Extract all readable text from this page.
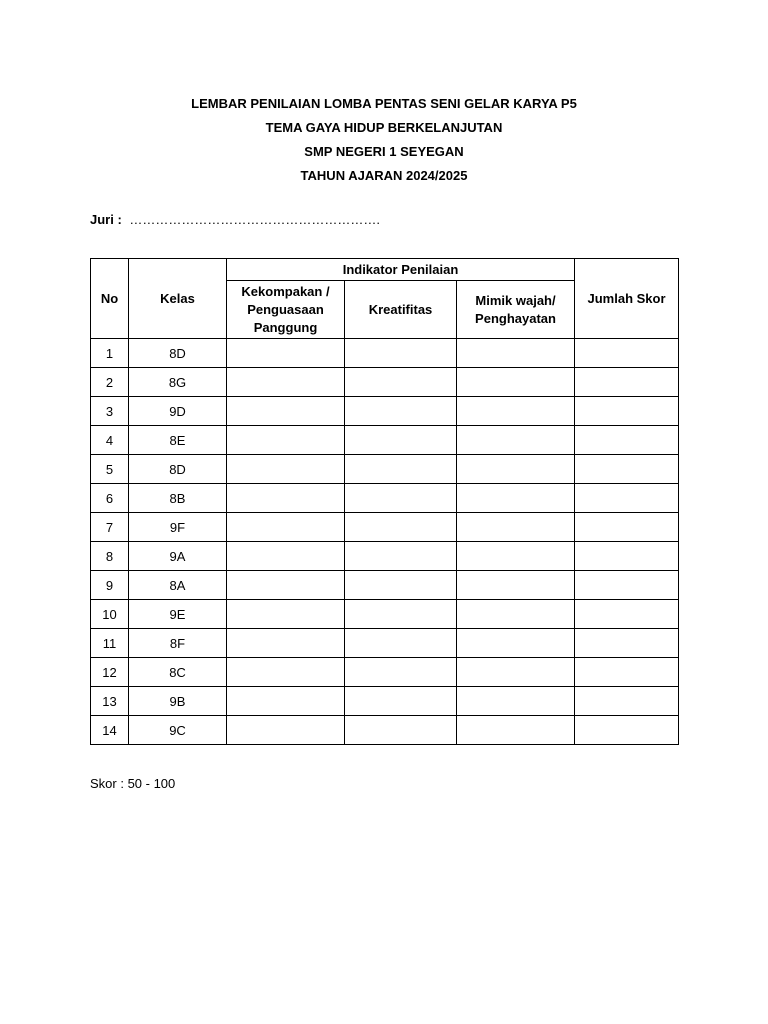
LEMBAR PENILAIAN LOMBA PENTAS SENI GELAR KARYA P5
TEMA GAYA HIDUP BERKELANJUTAN
SMP NEGERI 1 SEYEGAN
TAHUN AJARAN 2024/2025
Juri : ………………………………………………….
No	Kelas	Indikator Penilaian			Jumlah Skor
		Kekompakan / Penguasaan Panggung	Kreatifitas	Mimik wajah/ Penghayatan	
1	8D				
2	8G				
3	9D				
4	8E				
5	8D				
6	8B				
7	9F				
8	9A				
9	8A				
10	9E				
11	8F				
12	8C				
13	9B				
14	9C				
Skor : 50 - 100
